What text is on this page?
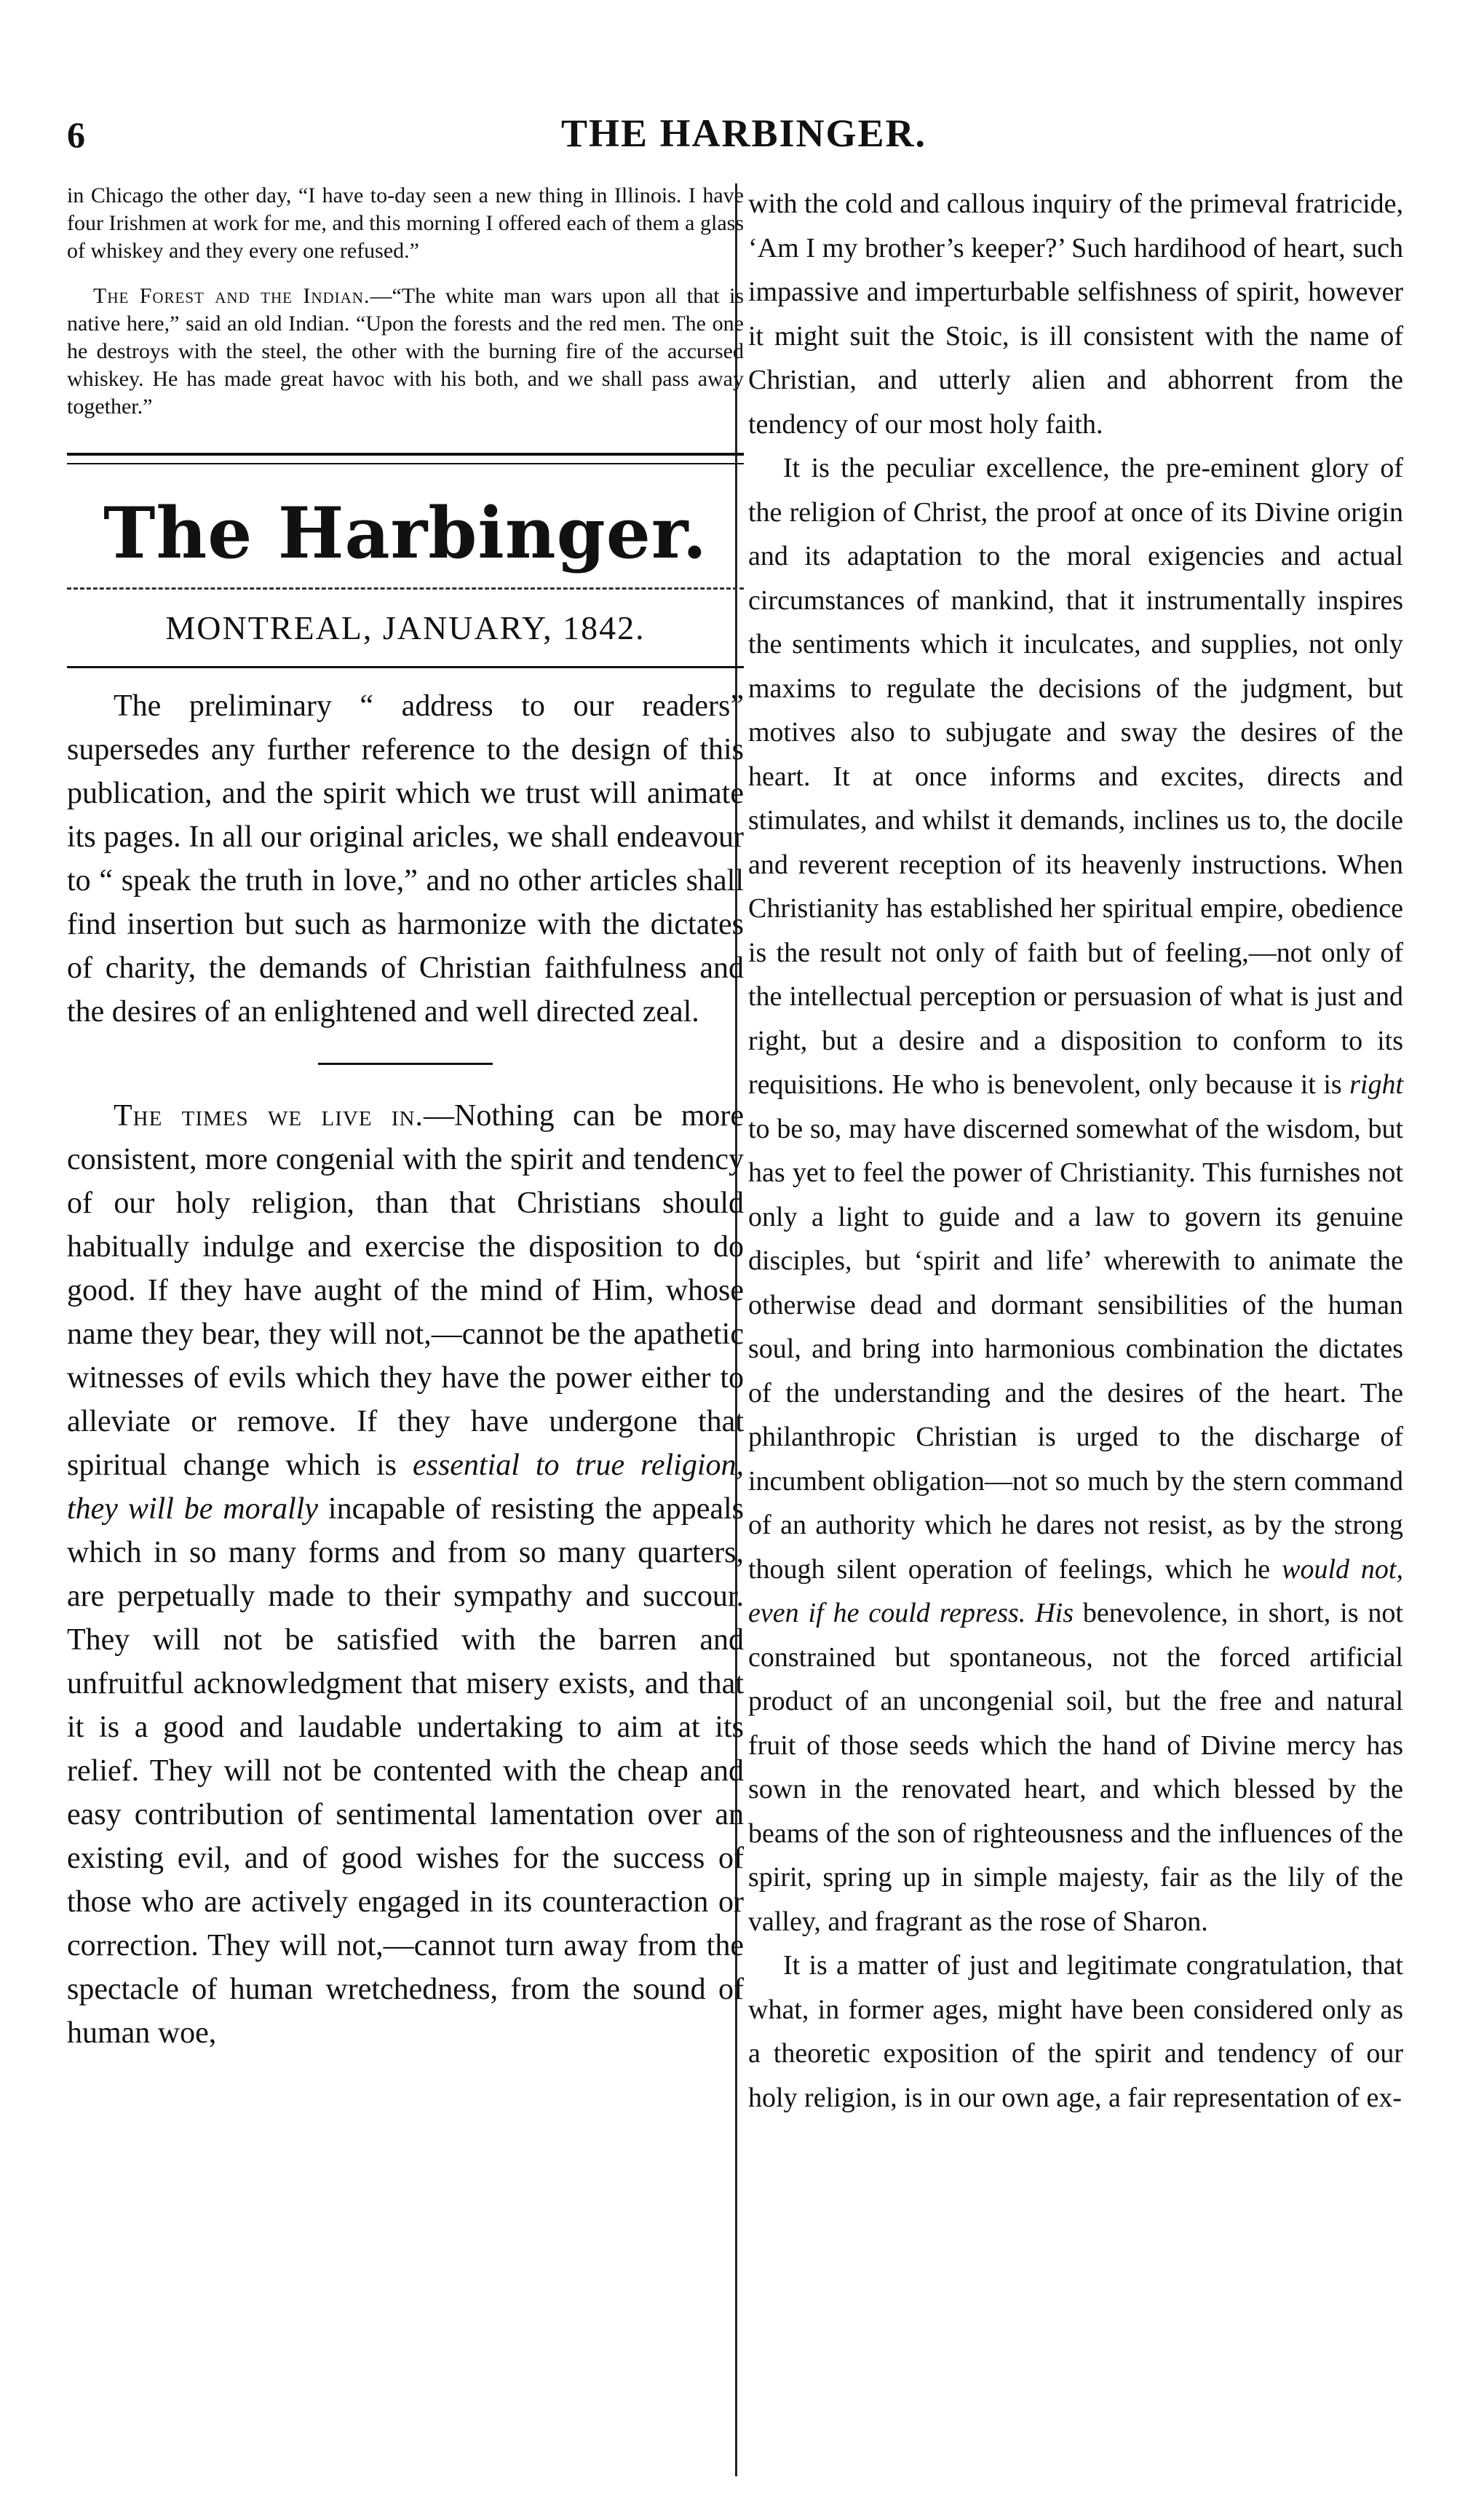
6	THE HARBINGER.

in Chicago the other day, “I have to-day seen a new thing in Illinois. I have four Irishmen at work for me, and this morning I offered each of them a glass of whiskey and they every one refused.”

The Forest and the Indian.—“The white man wars upon all that is native here,” said an old Indian. “Upon the forests and the red men. The one he destroys with the steel, the other with the burning fire of the accursed whiskey. He has made great havoc with his both, and we shall pass away together.”

The Harbinger.
MONTREAL, JANUARY, 1842.

The preliminary “ address to our readers” supersedes any further reference to the design of this publication, and the spirit which we trust will animate its pages. In all our original aricles, we shall endeavour to “ speak the truth in love,” and no other articles shall find insertion but such as harmonize with the dictates of charity, the demands of Christian faithfulness and the desires of an enlightened and well directed zeal.

The times we live in.—Nothing can be more consistent, more congenial with the spirit and tendency of our holy religion, than that Christians should habitually indulge and exercise the disposition to do good. If they have aught of the mind of Him, whose name they bear, they will not,—cannot be the apathetic witnesses of evils which they have the power either to alleviate or remove. If they have undergone that spiritual change which is essential to true religion, they will be morally incapable of resisting the appeals which in so many forms and from so many quarters, are perpetually made to their sympathy and succour. They will not be satisfied with the barren and unfruitful acknowledgment that misery exists, and that it is a good and laudable undertaking to aim at its relief. They will not be contented with the cheap and easy contribution of sentimental lamentation over an existing evil, and of good wishes for the success of those who are actively engaged in its counteraction or correction. They will not,—cannot turn away from the spectacle of human wretchedness, from the sound of human woe,

with the cold and callous inquiry of the primeval fratricide, ‘Am I my brother’s keeper?’ Such hardihood of heart, such impassive and imperturbable selfishness of spirit, however it might suit the Stoic, is ill consistent with the name of Christian, and utterly alien and abhorrent from the tendency of our most holy faith.

It is the peculiar excellence, the pre-eminent glory of the religion of Christ, the proof at once of its Divine origin and its adaptation to the moral exigencies and actual circumstances of mankind, that it instrumentally inspires the sentiments which it inculcates, and supplies, not only maxims to regulate the decisions of the judgment, but motives also to subjugate and sway the desires of the heart. It at once informs and excites, directs and stimulates, and whilst it demands, inclines us to, the docile and reverent reception of its heavenly instructions. When Christianity has established her spiritual empire, obedience is the result not only of faith but of feeling,—not only of the intellectual perception or persuasion of what is just and right, but a desire and a disposition to conform to its requisitions. He who is benevolent, only because it is right to be so, may have discerned somewhat of the wisdom, but has yet to feel the power of Christianity. This furnishes not only a light to guide and a law to govern its genuine disciples, but ‘spirit and life’ wherewith to animate the otherwise dead and dormant sensibilities of the human soul, and bring into harmonious combination the dictates of the understanding and the desires of the heart. The philanthropic Christian is urged to the discharge of incumbent obligation—not so much by the stern command of an authority which he dares not resist, as by the strong though silent operation of feelings, which he would not, even if he could repress. His benevolence, in short, is not constrained but spontaneous, not the forced artificial product of an uncongenial soil, but the free and natural fruit of those seeds which the hand of Divine mercy has sown in the renovated heart, and which blessed by the beams of the son of righteousness and the influences of the spirit, spring up in simple majesty, fair as the lily of the valley, and fragrant as the rose of Sharon.

It is a matter of just and legitimate congratulation, that what, in former ages, might have been considered only as a theoretic exposition of the spirit and tendency of our holy religion, is in our own age, a fair representation of ex-
